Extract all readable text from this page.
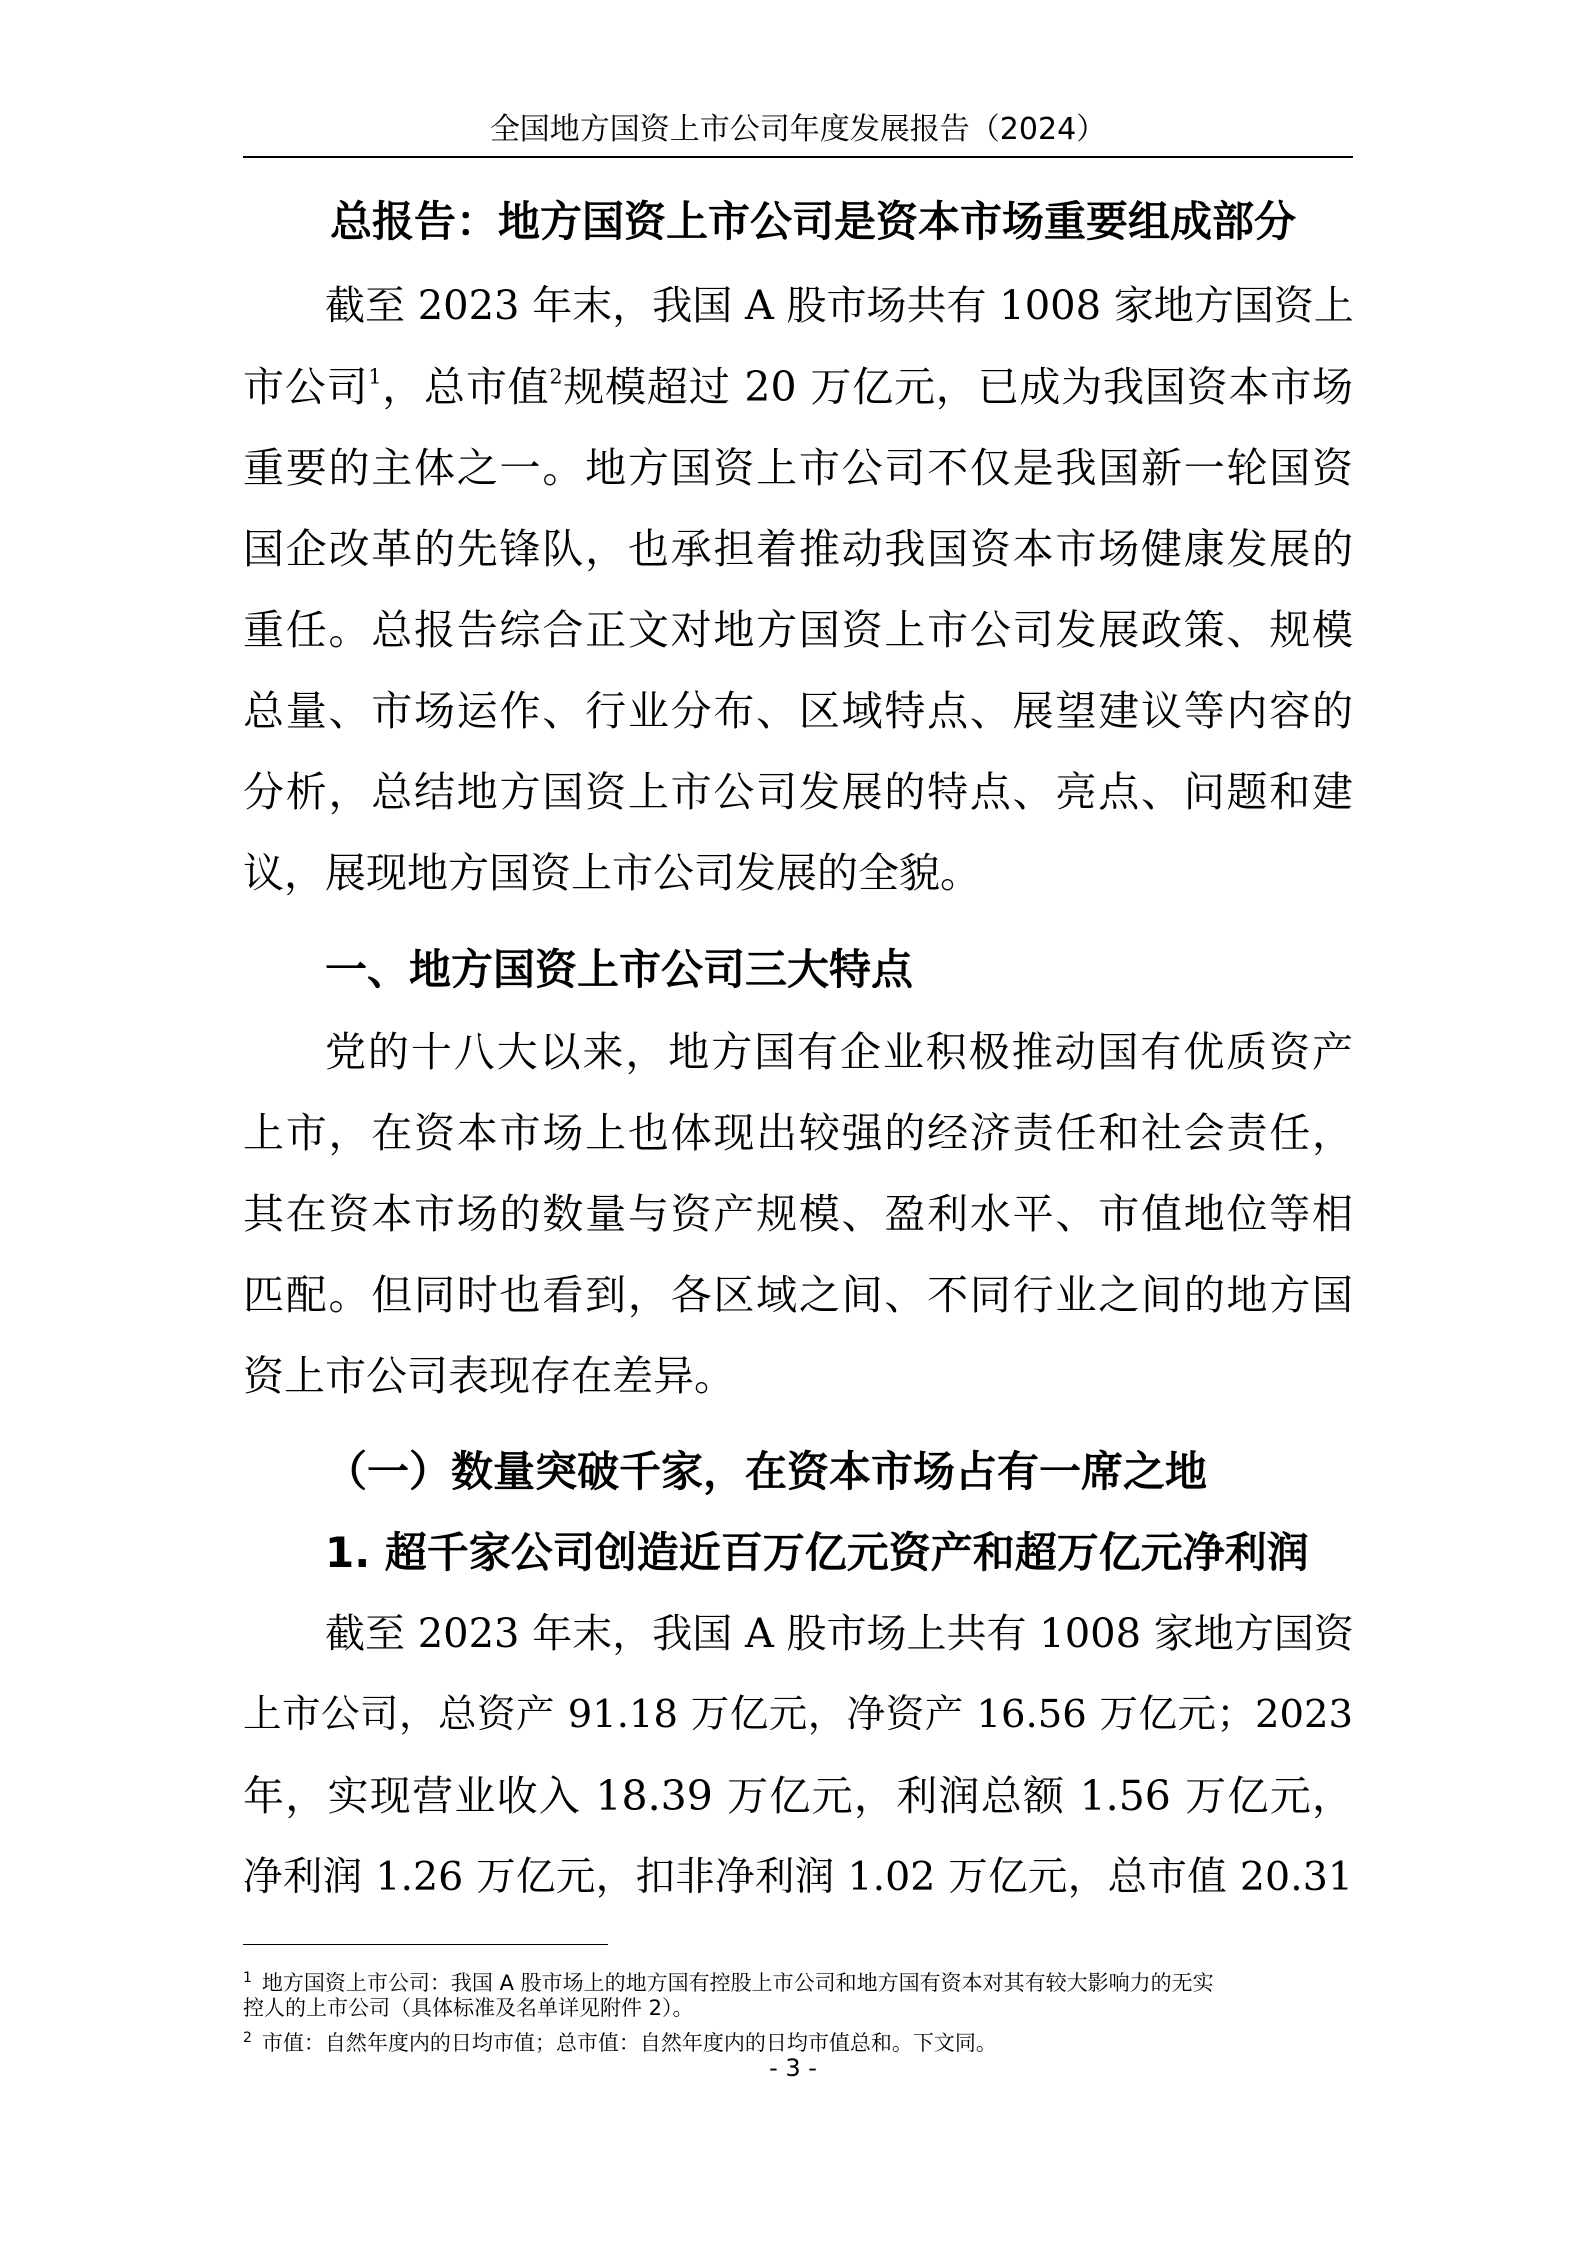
全国地方国资上市公司年度发展报告（2024）
总报告：地方国资上市公司是资本市场重要组成部分
截至 2023 年末，我国 A 股市场共有 1008 家地方国资上
市公司$^1$，总市值$^2$规模超过 20 万亿元，已成为我国资本市场
重要的主体之一。地方国资上市公司不仅是我国新一轮国资
国企改革的先锋队，也承担着推动我国资本市场健康发展的
重任。总报告综合正文对地方国资上市公司发展政策、规模
总量、市场运作、行业分布、区域特点、展望建议等内容的
分析，总结地方国资上市公司发展的特点、亮点、问题和建
议，展现地方国资上市公司发展的全貌。
一、地方国资上市公司三大特点
党的十八大以来，地方国有企业积极推动国有优质资产
上市，在资本市场上也体现出较强的经济责任和社会责任，
其在资本市场的数量与资产规模、盈利水平、市值地位等相
匹配。但同时也看到，各区域之间、不同行业之间的地方国
资上市公司表现存在差异。
（一）数量突破千家，在资本市场占有一席之地
1. 超千家公司创造近百万亿元资产和超万亿元净利润
截至 2023 年末，我国 A 股市场上共有 1008 家地方国资
上市公司，总资产 91.18 万亿元，净资产 16.56 万亿元；2023
年，实现营业收入 18.39 万亿元，利润总额 1.56 万亿元，
净利润 1.26 万亿元，扣非净利润 1.02 万亿元，总市值 20.31
$^1$ 地方国资上市公司：我国 A 股市场上的地方国有控股上市公司和地方国有资本对其有较大影响力的无实
控人的上市公司（具体标准及名单详见附件 2）。
$^2$ 市值：自然年度内的日均市值；总市值：自然年度内的日均市值总和。下文同。
- 3 -
